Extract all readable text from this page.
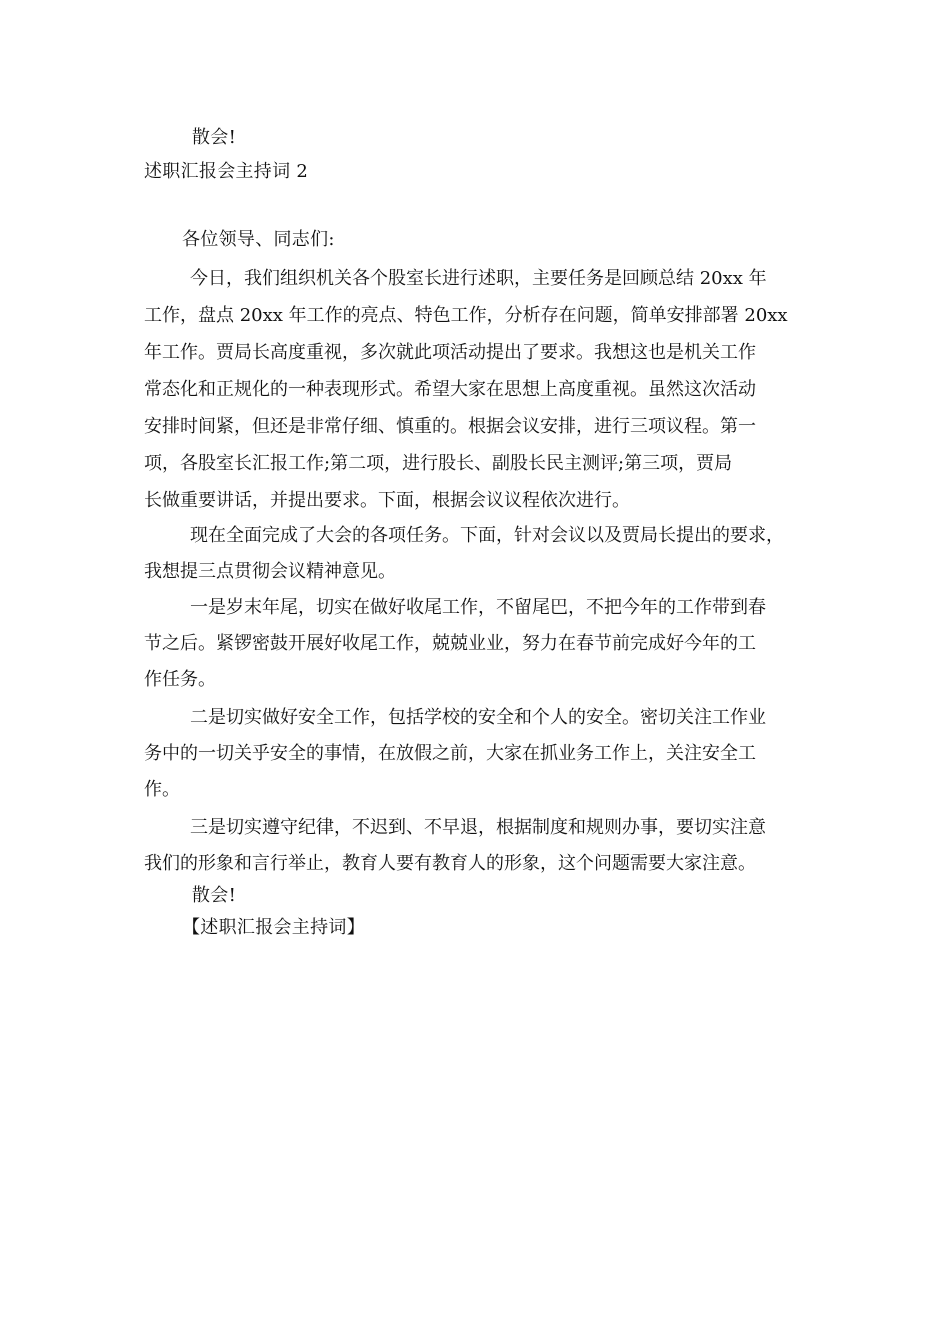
散会!
述职汇报会主持词 2
各位领导、同志们:
今日，我们组织机关各个股室长进行述职，主要任务是回顾总结 20xx 年
工作，盘点 20xx 年工作的亮点、特色工作，分析存在问题，简单安排部署 20xx
年工作。贾局长高度重视，多次就此项活动提出了要求。我想这也是机关工作
常态化和正规化的一种表现形式。希望大家在思想上高度重视。虽然这次活动
安排时间紧，但还是非常仔细、慎重的。根据会议安排，进行三项议程。第一
项，各股室长汇报工作;第二项，进行股长、副股长民主测评;第三项，贾局
长做重要讲话，并提出要求。下面，根据会议议程依次进行。
现在全面完成了大会的各项任务。下面，针对会议以及贾局长提出的要求，
我想提三点贯彻会议精神意见。
一是岁末年尾，切实在做好收尾工作，不留尾巴，不把今年的工作带到春
节之后。紧锣密鼓开展好收尾工作，兢兢业业，努力在春节前完成好今年的工
作任务。
二是切实做好安全工作，包括学校的安全和个人的安全。密切关注工作业
务中的一切关乎安全的事情，在放假之前，大家在抓业务工作上，关注安全工
作。
三是切实遵守纪律，不迟到、不早退，根据制度和规则办事，要切实注意
我们的形象和言行举止，教育人要有教育人的形象，这个问题需要大家注意。
散会!
【述职汇报会主持词】
